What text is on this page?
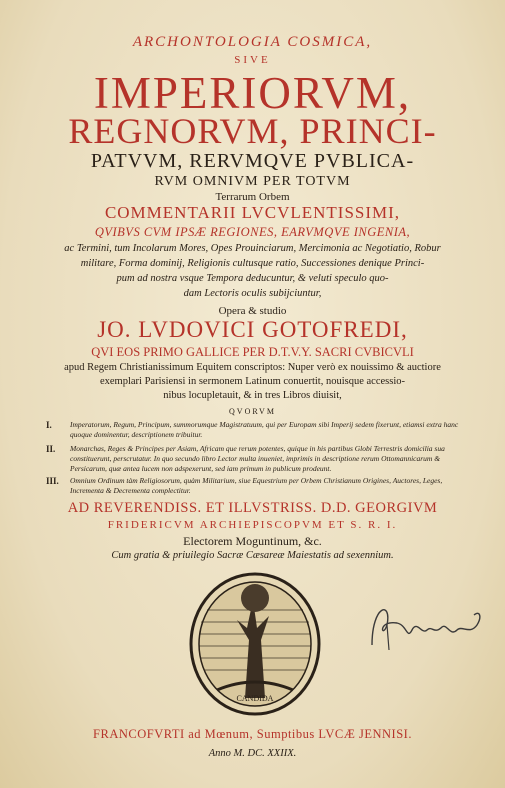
ARCHONTOLOGIA COSMICA,
SIVE
IMPERIORVM,
REGNORVM, PRINCI-
PATVVM, RERVMQVE PVBLICA-
RVM OMNIVM PER TOTVM
Terrarum Orbem
COMMENTARII LVCVLENTISSIMI,
QVIBVS CVM IPSÆ REGIONES, EARVMQVE INGENIA,
ac Termini, tum Incolarum Mores, Opes Prouinciarum, Mercimonia ac Negotiatio, Robur
militare, Forma dominij, Religionis cultusque ratio, Successiones denique Princi-
pum ad nostra vsque Tempora deducuntur, & veluti speculo quo-
dam Lectoris oculis subijciuntur,
Opera & studio
JO. LVDOVICI GOTOFREDI,
QVI EOS PRIMO GALLICE PER D.T.V.Y. SACRI CVBICVLI
apud Regem Christianissimum Equitem conscriptos: Nuper verò ex nouissimo & auctiore
exemplari Parisiensi in sermonem Latinum conuertit, nouisque accessio-
nibus locupletauit, & in tres Libros diuisit,
QVORVM
I. Imperatorum, Regum, Principum, summorumque Magistratuum, qui per Europam sibi Imperij sedem fixerunt, etiamsi extra hanc quoque dominentur, descriptionem tribuitur.
II. Monarchas, Reges & Principes per Asiam, Africam que rerum potentes, quique in his partibus Globi Terrestris domicilia sua constituerunt, perscrutatur. In quo secundo libro Lector multa inueniet, imprimis in descriptione rerum Ottomannicarum & Persicarum, quæ antea lucem non adspexerunt, sed iam primum in publicum prodeunt.
III. Omnium Ordinum tàm Religiosorum, quàm Militarium, siue Equestrium per Orbem Christianum Origines, Auctores, Leges, Incrementa & Decrementa complectitur.
AD REVERENDISS. ET ILLVSTRISS. D.D. GEORGIVM
FRIDERICVM ARCHIEPISCOPVM ET S. R. I.
Electorem Moguntinum, &c.
Cum gratia & priuilegio Sacræ Cæsareæ Maiestatis ad sexennium.
CANDIDA
FRANCOFVRTI ad Mœnum, Sumptibus LVCÆ JENNISI.
Anno M. DC. XXIIX.
